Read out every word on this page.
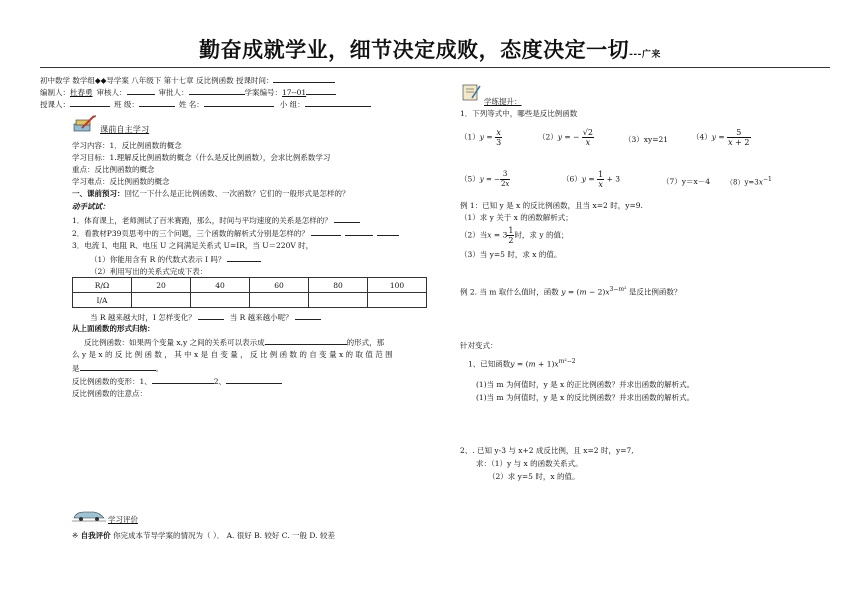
勤奋成就学业，细节决定成败，态度决定一切---广来
初中数学 数学组◆◆导学案 八年级下 第十七章 反比例函数 授课时间：
编制人：杜春勇 审核人：	审批人：	学案编号：17--01
授课人：	班 级：	姓 名：	小 组：
课前自主学习
学习内容：1．反比例函数的概念
学习目标：1.理解反比例函数的概念（什么是反比例函数），会求比例系数学习
重点：反比例函数的概念
学习难点：反比例函数的概念
一、课前预习：回忆一下什么是正比例函数、一次函数？它们的一般形式是怎样的？
动手试试：
1．体育课上，老师测试了百米赛跑，那么，时间与平均速度的关系是怎样的？
2．看教材P39页思考中的三个问题，三个函数的解析式分别是怎样的？
3．电流 I、电阻 R、电压 U 之间满足关系式 U=IR，当 U＝220V 时，
（1）你能用含有 R 的代数式表示 I 吗？
（2）利用写出的关系式完成下表：
R/Ω	20	40	60	80	100
I/A					
当 R 越来越大时，I 怎样变化？	当 R 越来越小呢？
从上面函数的形式归纳：
反比例函数：如果两个变量 x,y 之间的关系可以表示成	的形式，那
么 y 是 x 的 反 比 例 函 数 ， 其 中 x 是 自 变 量 ， 反 比 例 函 数 的 自 变 量 x 的 取 值 范 围
是	。
反比例函数的变形：1、	2、
反比例函数的注意点：
学习评价
※ 自我评价 你完成本节导学案的情况为（ ）． A. 很好 B. 较好 C. 一般 D. 较差
学练提升：
1．下列等式中，哪些是反比例函数
$(1)y = \frac{x}{3}$	（2）y = − $\frac{√2}{x}$	（3）xy=21	$(4)y = \frac{5}{x + 2}$
（5）y = − $\frac{3}{2x}$	$(6)y = \frac{1}{x} + 3$	（7）y＝x－4 $(8)y=3x^{-1}$
例 1：已知 y 是 x 的反比例函数，且当 x=2 时，y=9.
（1）求 y 关于 x 的函数解析式；
（2）当$x = 3 \frac{1}{2}$ 时，求 y 的值；
（3）当 y=5 时，求 x 的值。
例 2. 当 m 取什么值时，函数 $y = (m - 2)x^{3-m^2}$ 是反比例函数？
针对变式：
1、已知函数$y = (m + 1)x^{m^2-2}$
(1)当 m 为何值时，y 是 x 的正比例函数？并求出函数的解析式。
(1)当 m 为何值时，y 是 x 的反比例函数？并求出函数的解析式。
2、. 已知 y-3 与 x+2 成反比例，且 x=2 时，y=7,
求：（1）y 与 x 的函数关系式。
（2）求 y=5 时，x 的值。
